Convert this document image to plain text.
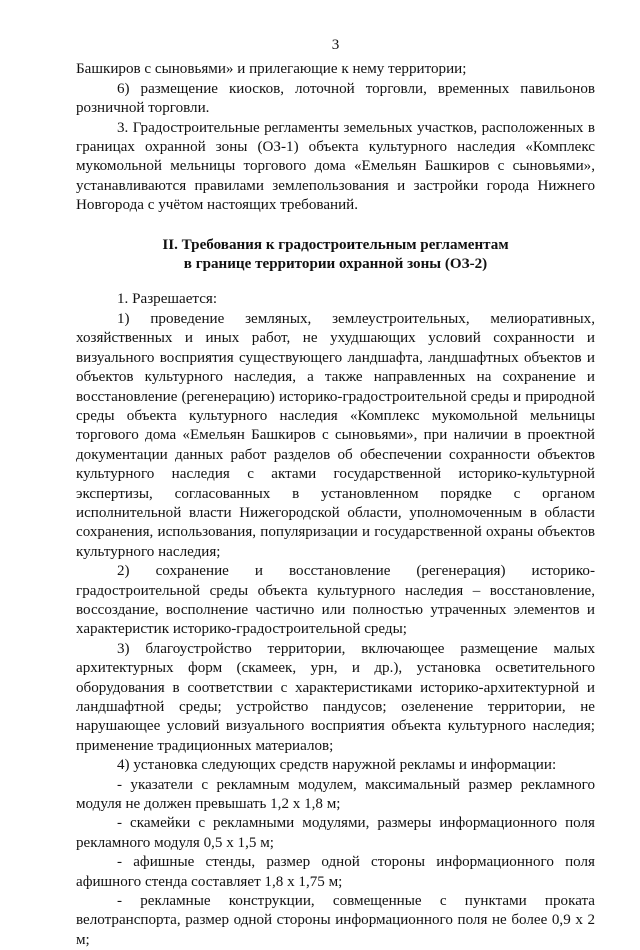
3

Башкиров с сыновьями» и прилегающие к нему территории;

6) размещение киосков, лоточной торговли, временных павильонов розничной торговли.

3. Градостроительные регламенты земельных участков, расположенных в границах охранной зоны (ОЗ-1) объекта культурного наследия «Комплекс мукомольной мельницы торгового дома «Емельян Башкиров с сыновьями», устанавливаются правилами землепользования и застройки города Нижнего Новгорода с учётом настоящих требований.

II. Требования к градостроительным регламентам
в границе территории охранной зоны (ОЗ-2)

1. Разрешается:

1) проведение земляных, землеустроительных, мелиоративных, хозяйственных и иных работ, не ухудшающих условий сохранности и визуального восприятия существующего ландшафта, ландшафтных объектов и объектов культурного наследия, а также направленных на сохранение и восстановление (регенерацию) историко-градостроительной среды и природной среды объекта культурного наследия «Комплекс мукомольной мельницы торгового дома «Емельян Башкиров с сыновьями», при наличии в проектной документации данных работ разделов об обеспечении сохранности объектов культурного наследия с актами государственной историко-культурной экспертизы, согласованных в установленном порядке с органом исполнительной власти Нижегородской области, уполномоченным в области сохранения, использования, популяризации и государственной охраны объектов культурного наследия;

2) сохранение и восстановление (регенерация) историко-градостроительной среды объекта культурного наследия – восстановление, воссоздание, восполнение частично или полностью утраченных элементов и характеристик историко-градостроительной среды;

3) благоустройство территории, включающее размещение малых архитектурных форм (скамеек, урн, и др.), установка осветительного оборудования в соответствии с характеристиками историко-архитектурной и ландшафтной среды; устройство пандусов; озеленение территории, не нарушающее условий визуального восприятия объекта культурного наследия; применение традиционных материалов;

4) установка следующих средств наружной рекламы и информации:

- указатели с рекламным модулем, максимальный размер рекламного модуля не должен превышать 1,2 х 1,8 м;

- скамейки с рекламными модулями, размеры информационного поля рекламного модуля 0,5 х 1,5 м;

- афишные стенды, размер одной стороны информационного поля афишного стенда составляет 1,8 х 1,75 м;

- рекламные конструкции, совмещенные с пунктами проката велотранспорта, размер одной стороны информационного поля не более 0,9 х 2 м;
